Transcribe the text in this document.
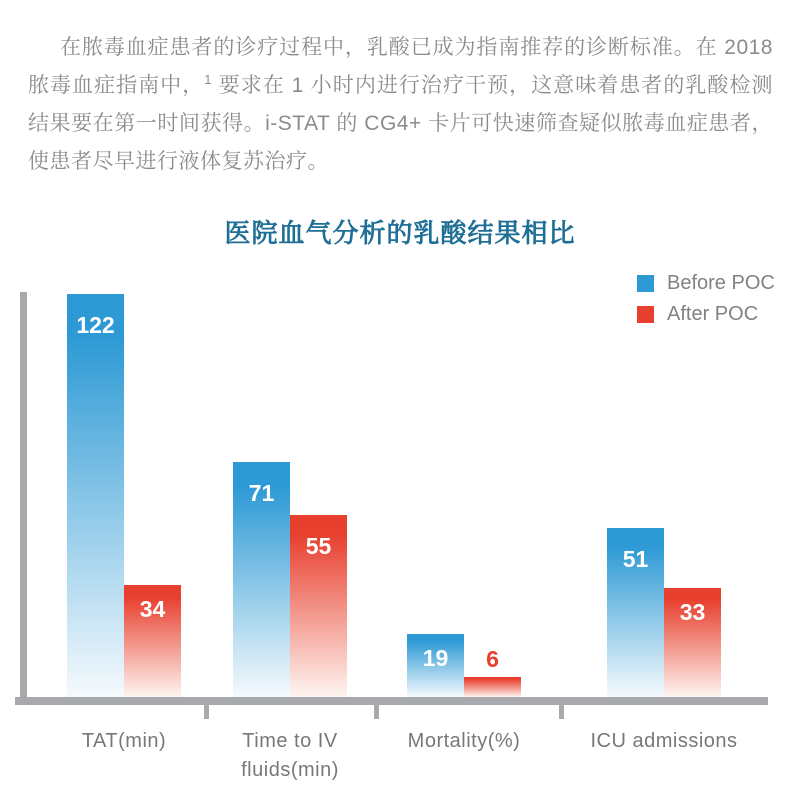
在脓毒血症患者的诊疗过程中，乳酸已成为指南推荐的诊断标准。在 2018 脓毒血症指南中，$^1$ 要求在 1 小时内进行治疗干预，这意味着患者的乳酸检测结果要在第一时间获得。i-STAT 的 CG4+ 卡片可快速筛查疑似脓毒血症患者，使患者尽早进行液体复苏治疗。

医院血气分析的乳酸结果相比
Before POC
After POC
122
71
19
51
34
55
6
33
TAT(min)	Time to IV
fluids(min)
Mortality(%)	ICU admissions
